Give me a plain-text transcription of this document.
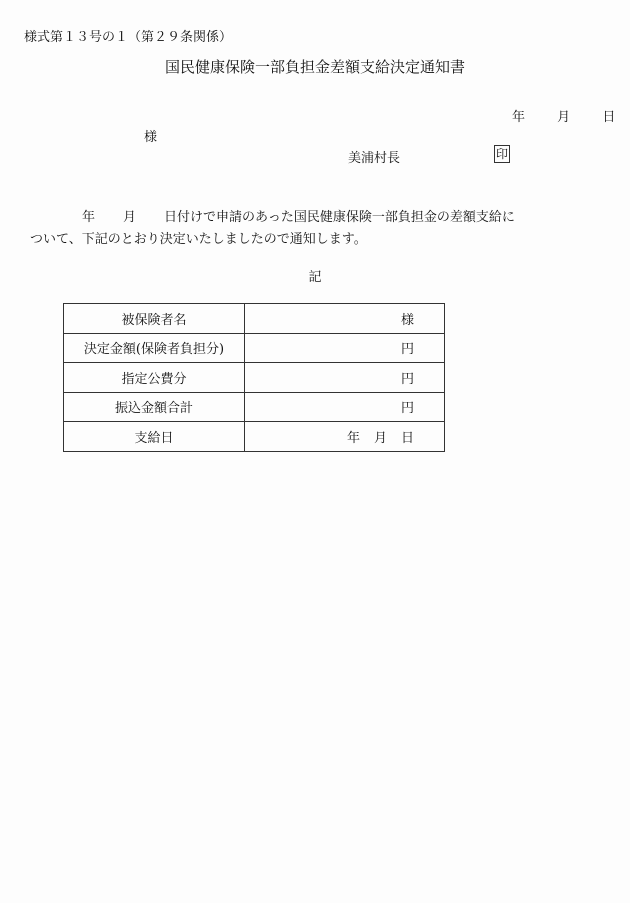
様式第１３号の１（第２９条関係）
国民健康保険一部負担金差額支給決定通知書
年 月 日
様
美浦村長	印
年 月 日付けで申請のあった国民健康保険一部負担金の差額支給に
ついて、下記のとおり決定いたしましたので通知します。
記
被保険者名	様
決定金額(保険者負担分)	円
指定公費分	円
振込金額合計	円
支給日	年 月 日
